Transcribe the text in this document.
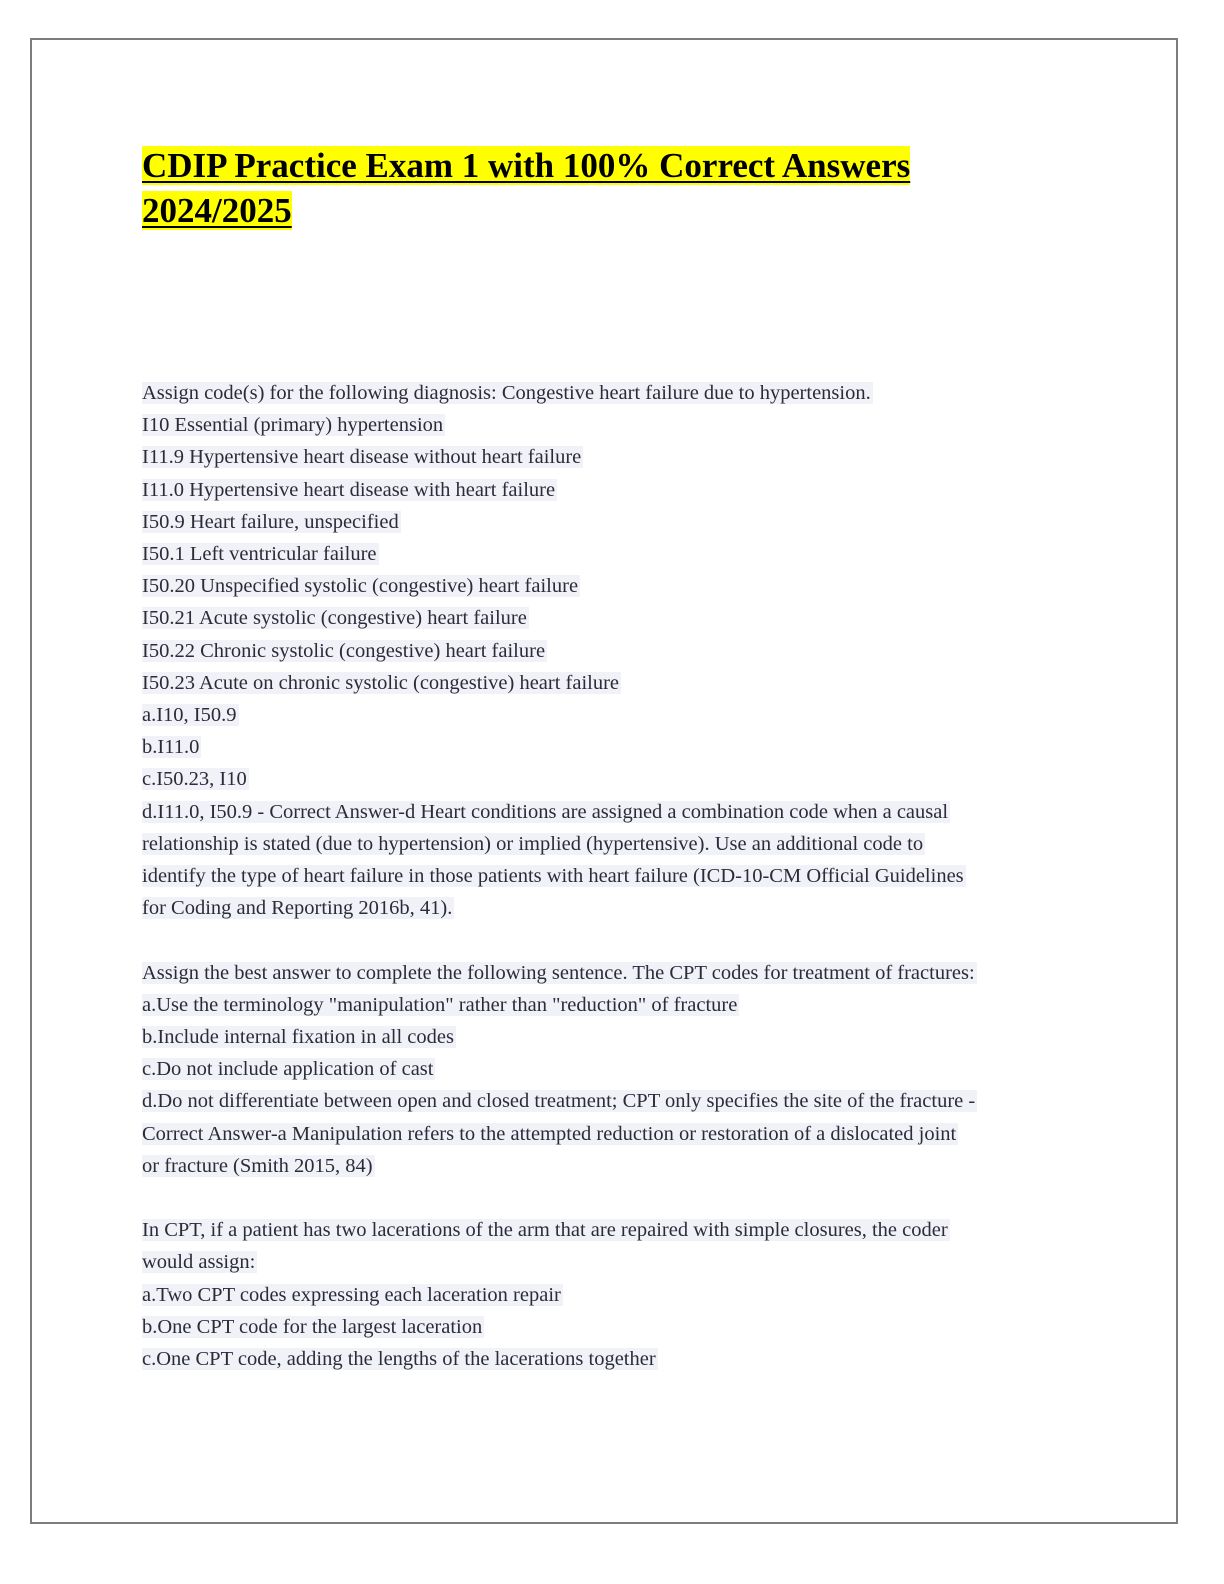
CDIP Practice Exam 1 with 100% Correct Answers
2024/2025
Assign code(s) for the following diagnosis: Congestive heart failure due to hypertension.
I10 Essential (primary) hypertension
I11.9 Hypertensive heart disease without heart failure
I11.0 Hypertensive heart disease with heart failure
I50.9 Heart failure, unspecified
I50.1 Left ventricular failure
I50.20 Unspecified systolic (congestive) heart failure
I50.21 Acute systolic (congestive) heart failure
I50.22 Chronic systolic (congestive) heart failure
I50.23 Acute on chronic systolic (congestive) heart failure
a.I10, I50.9
b.I11.0
c.I50.23, I10
d.I11.0, I50.9 - Correct Answer-d Heart conditions are assigned a combination code when a causal
relationship is stated (due to hypertension) or implied (hypertensive). Use an additional code to
identify the type of heart failure in those patients with heart failure (ICD-10-CM Official Guidelines
for Coding and Reporting 2016b, 41).
Assign the best answer to complete the following sentence. The CPT codes for treatment of fractures:
a.Use the terminology "manipulation" rather than "reduction" of fracture
b.Include internal fixation in all codes
c.Do not include application of cast
d.Do not differentiate between open and closed treatment; CPT only specifies the site of the fracture -
Correct Answer-a Manipulation refers to the attempted reduction or restoration of a dislocated joint
or fracture (Smith 2015, 84)
In CPT, if a patient has two lacerations of the arm that are repaired with simple closures, the coder
would assign:
a.Two CPT codes expressing each laceration repair
b.One CPT code for the largest laceration
c.One CPT code, adding the lengths of the lacerations together
